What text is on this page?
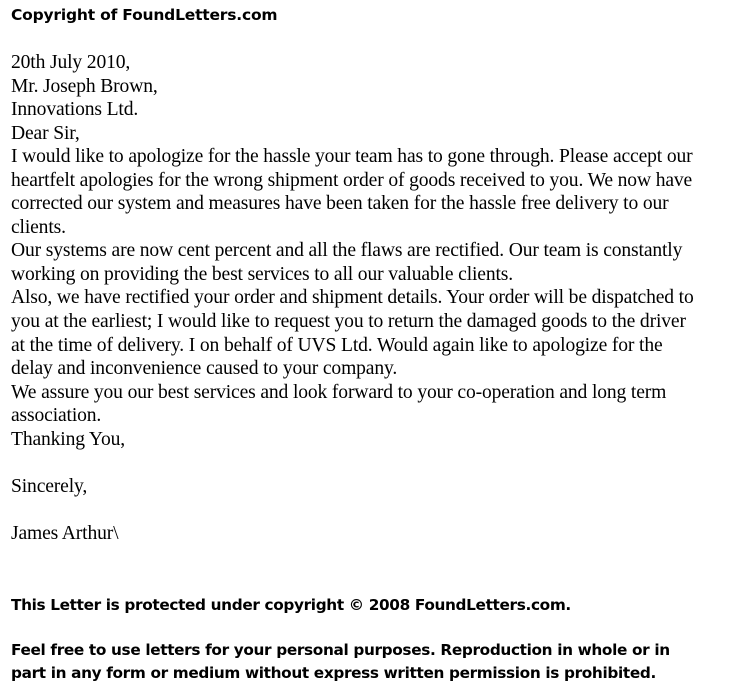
Copyright of FoundLetters.com
20th July 2010,
Mr. Joseph Brown,
Innovations Ltd.
Dear Sir,
I would like to apologize for the hassle your team has to gone through. Please accept our
heartfelt apologies for the wrong shipment order of goods received to you. We now have
corrected our system and measures have been taken for the hassle free delivery to our
clients.
Our systems are now cent percent and all the flaws are rectified. Our team is constantly
working on providing the best services to all our valuable clients.
Also, we have rectified your order and shipment details. Your order will be dispatched to
you at the earliest; I would like to request you to return the damaged goods to the driver
at the time of delivery. I on behalf of UVS Ltd. Would again like to apologize for the
delay and inconvenience caused to your company.
We assure you our best services and look forward to your co-operation and long term
association.
Thanking You,
Sincerely,
James Arthur\
This Letter is protected under copyright © 2008 FoundLetters.com.
Feel free to use letters for your personal purposes. Reproduction in whole or in
part in any form or medium without express written permission is prohibited.
